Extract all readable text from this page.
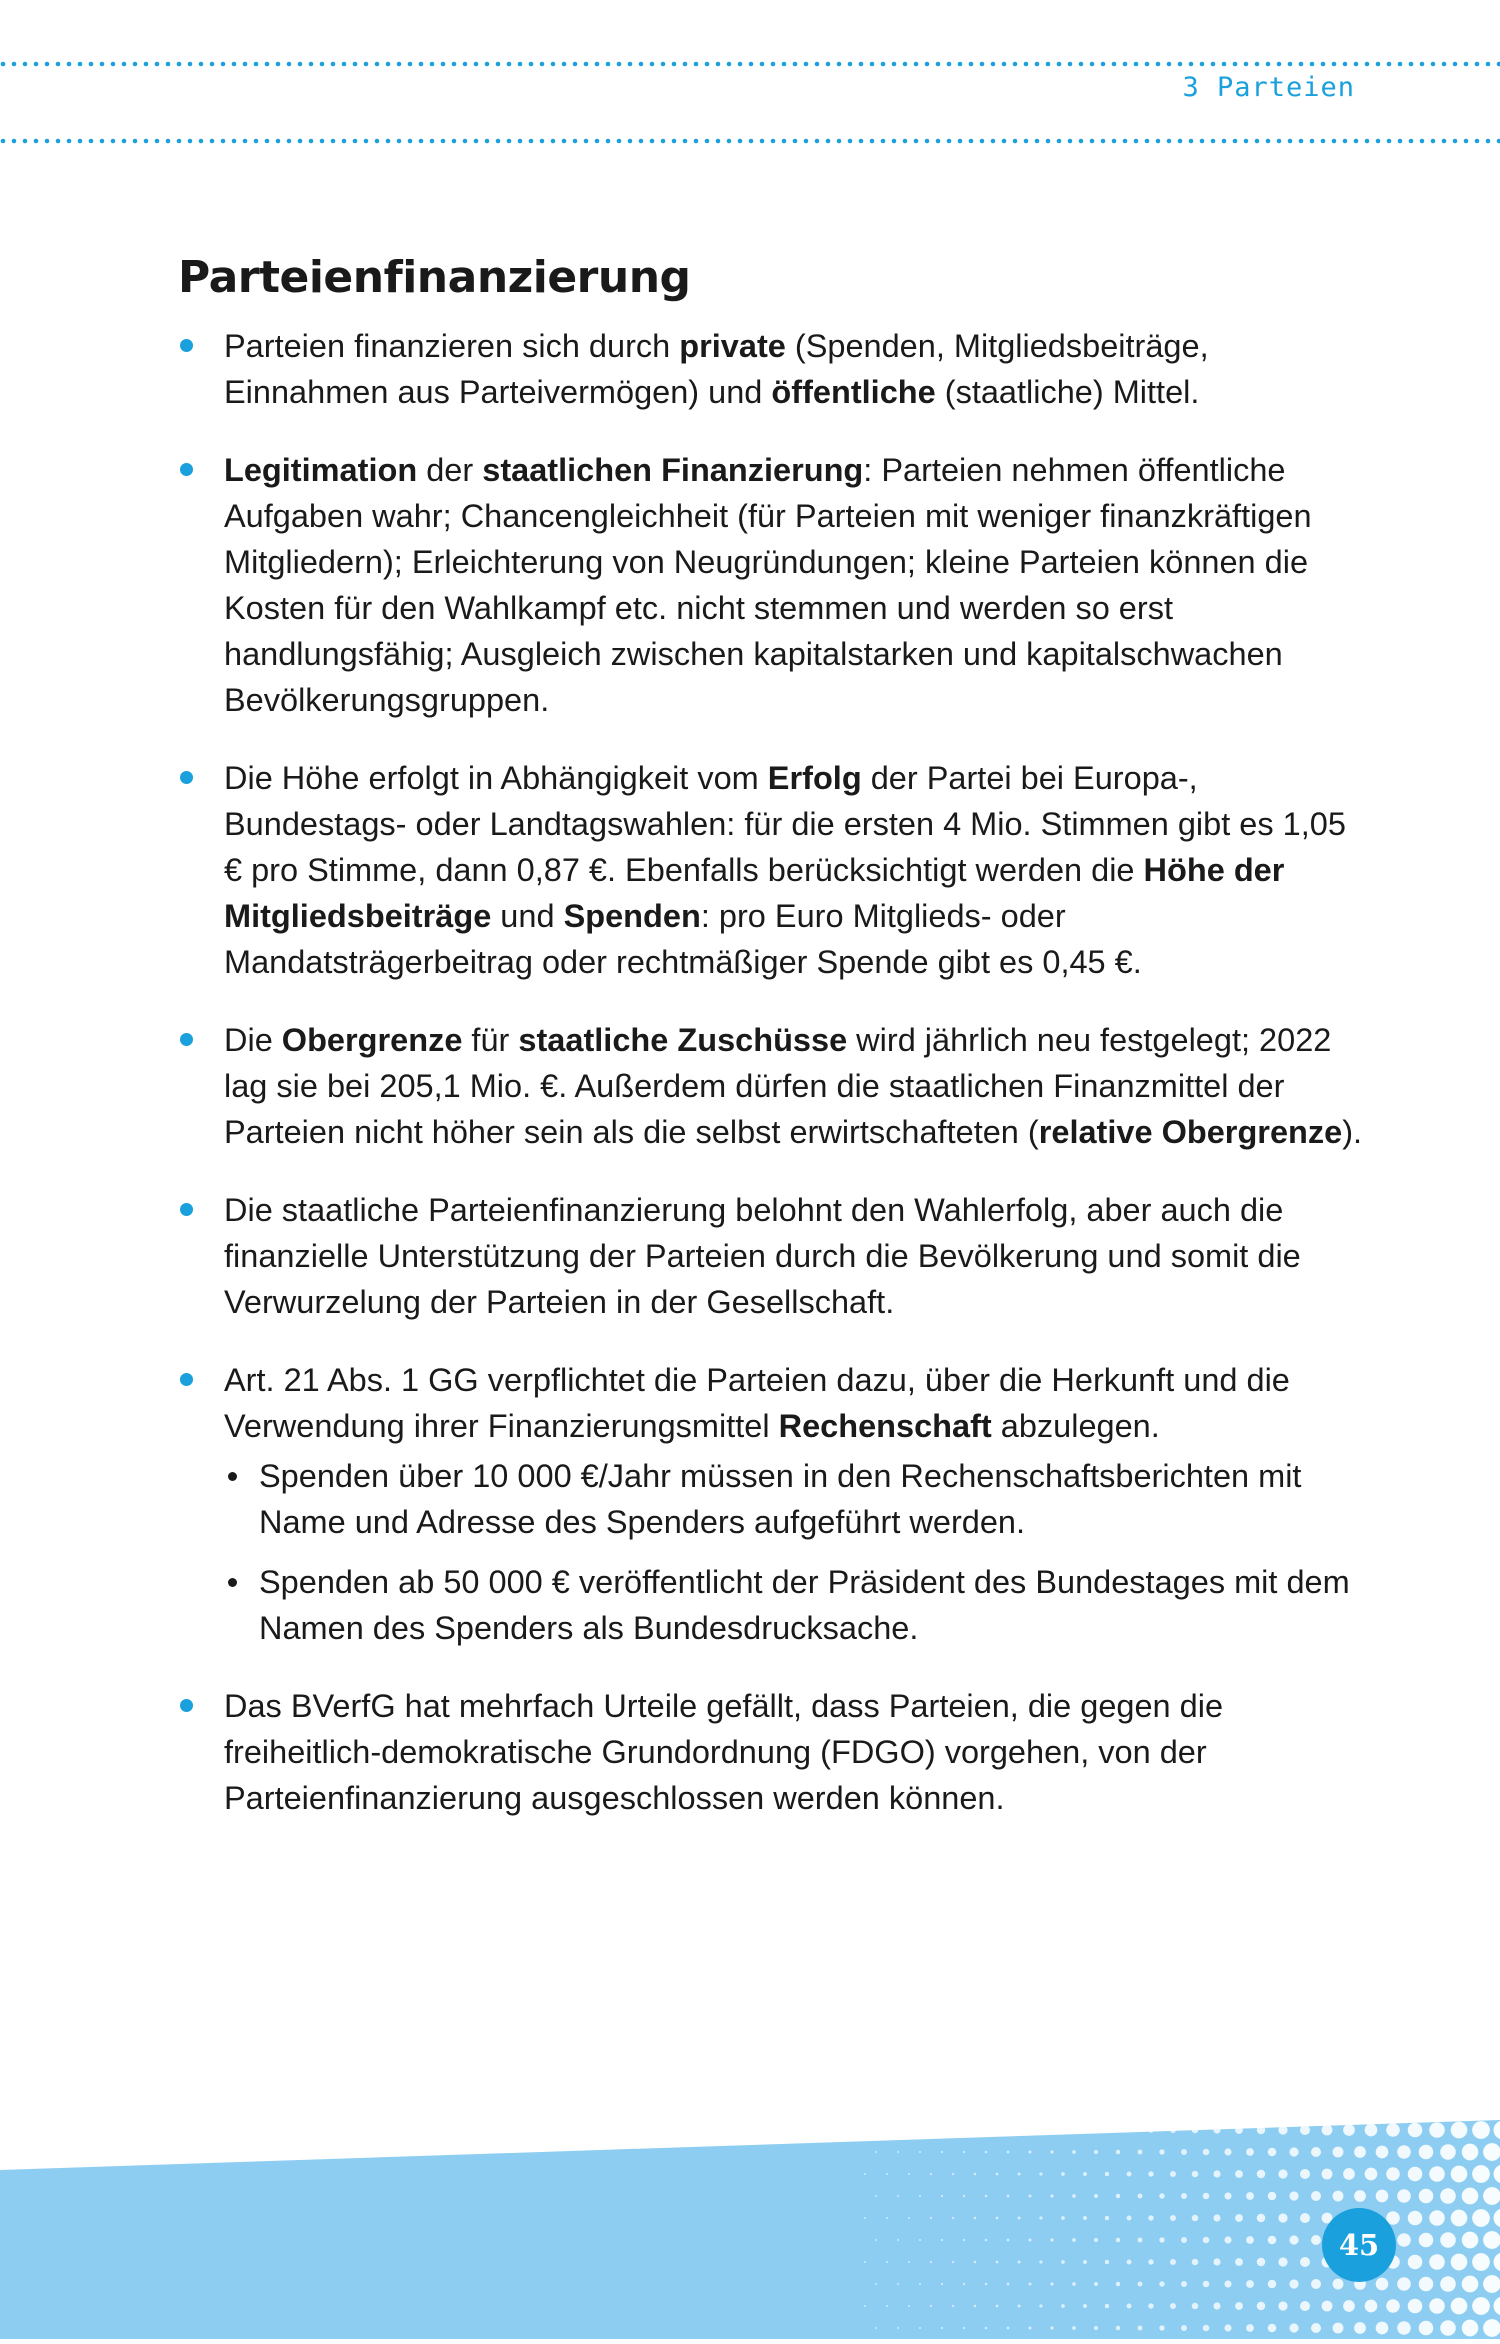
3 Parteien
Parteienfinanzierung
Parteien finanzieren sich durch private (Spenden, Mitgliedsbeiträge, Einnahmen aus Parteivermögen) und öffentliche (staatliche) Mittel.
Legitimation der staatlichen Finanzierung: Parteien nehmen öffentliche Aufgaben wahr; Chancengleichheit (für Parteien mit weniger finanzkräftigen Mitgliedern); Erleichterung von Neugründungen; kleine Parteien können die Kosten für den Wahlkampf etc. nicht stemmen und werden so erst handlungsfähig; Ausgleich zwischen kapitalstarken und kapitalschwachen Bevölkerungsgruppen.
Die Höhe erfolgt in Abhängigkeit vom Erfolg der Partei bei Europa-, Bundestags- oder Landtagswahlen: für die ersten 4 Mio. Stimmen gibt es 1,05 € pro Stimme, dann 0,87 €. Ebenfalls berücksichtigt werden die Höhe der Mitgliedsbeiträge und Spenden: pro Euro Mitglieds- oder Mandatsträgerbeitrag oder rechtmäßiger Spende gibt es 0,45 €.
Die Obergrenze für staatliche Zuschüsse wird jährlich neu festgelegt; 2022 lag sie bei 205,1 Mio. €. Außerdem dürfen die staatlichen Finanzmittel der Parteien nicht höher sein als die selbst erwirtschafteten (relative Obergrenze).
Die staatliche Parteienfinanzierung belohnt den Wahlerfolg, aber auch die finanzielle Unterstützung der Parteien durch die Bevölkerung und somit die Verwurzelung der Parteien in der Gesellschaft.
Art. 21 Abs. 1 GG verpflichtet die Parteien dazu, über die Herkunft und die Verwendung ihrer Finanzierungsmittel Rechenschaft abzulegen.
Spenden über 10 000 €/Jahr müssen in den Rechenschaftsberichten mit Name und Adresse des Spenders aufgeführt werden.
Spenden ab 50 000 € veröffentlicht der Präsident des Bundestages mit dem Namen des Spenders als Bundesdrucksache.
Das BVerfG hat mehrfach Urteile gefällt, dass Parteien, die gegen die freiheitlich-demokratische Grundordnung (FDGO) vorgehen, von der Parteienfinanzierung ausgeschlossen werden können.
45
